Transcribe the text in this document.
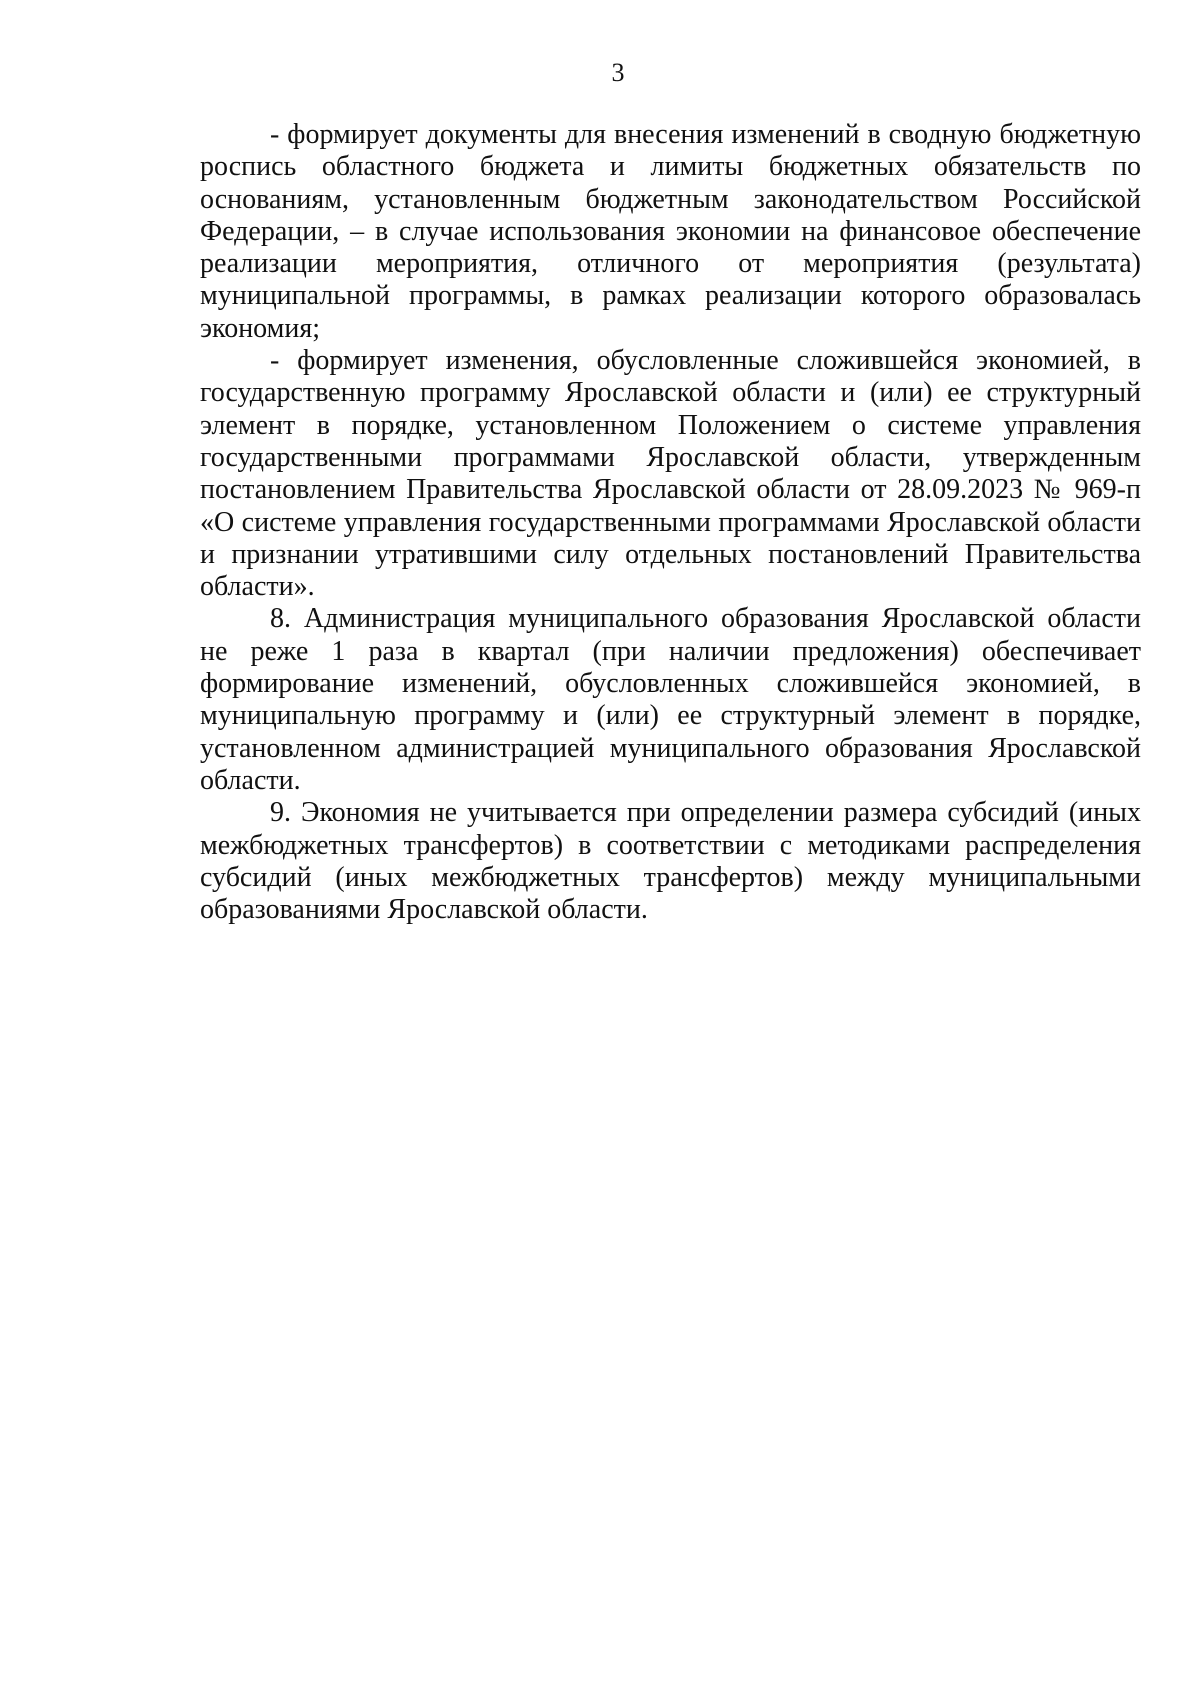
3

- формирует документы для внесения изменений в сводную бюджетную роспись областного бюджета и лимиты бюджетных обязательств по основаниям, установленным бюджетным законодательством Российской Федерации, – в случае использования экономии на финансовое обеспечение реализации мероприятия, отличного от мероприятия (результата) муниципальной программы, в рамках реализации которого образовалась экономия;

- формирует изменения, обусловленные сложившейся экономией, в государственную программу Ярославской области и (или) ее структурный элемент в порядке, установленном Положением о системе управления государственными программами Ярославской области, утвержденным постановлением Правительства Ярославской области от 28.09.2023 № 969-п «О системе управления государственными программами Ярославской области и признании утратившими силу отдельных постановлений Правительства области».

8. Администрация муниципального образования Ярославской области не реже 1 раза в квартал (при наличии предложения) обеспечивает формирование изменений, обусловленных сложившейся экономией, в муниципальную программу и (или) ее структурный элемент в порядке, установленном администрацией муниципального образования Ярославской области.

9. Экономия не учитывается при определении размера субсидий (иных межбюджетных трансфертов) в соответствии с методиками распределения субсидий (иных межбюджетных трансфертов) между муниципальными образованиями Ярославской области.
